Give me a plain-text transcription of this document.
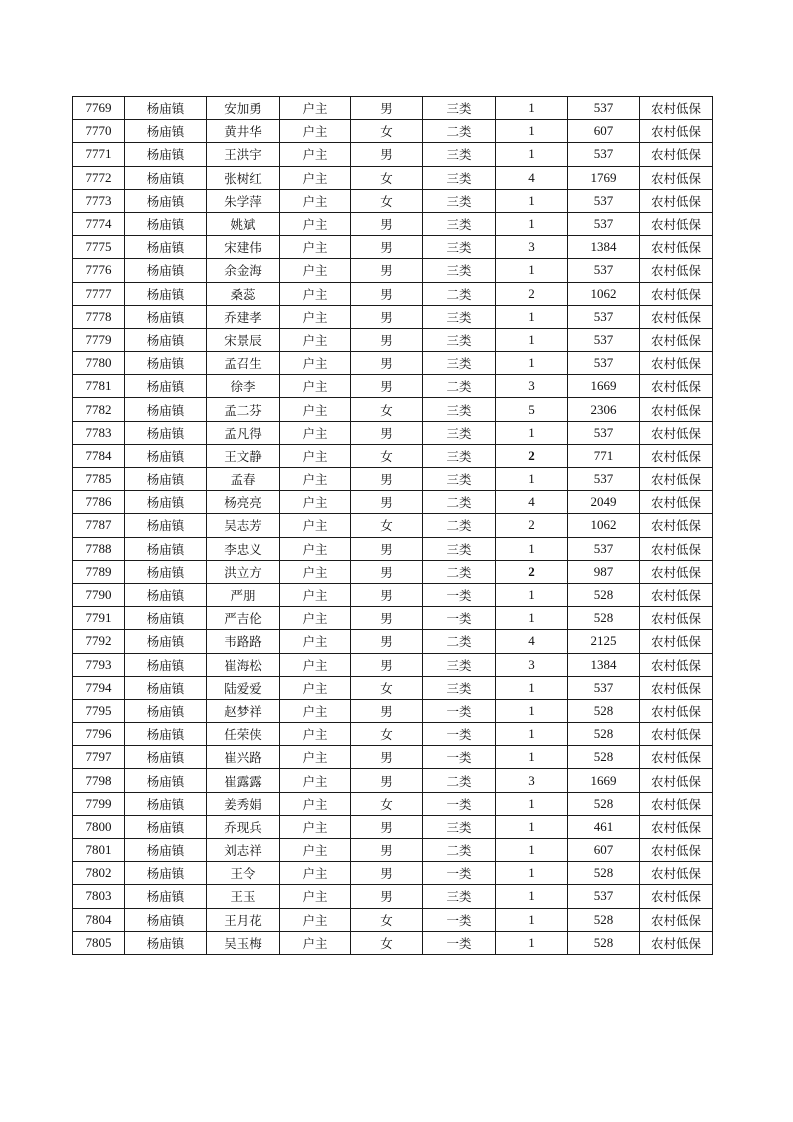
7769	杨庙镇	安加勇	户主	男	三类	1	537	农村低保
7770	杨庙镇	黄井华	户主	女	二类	1	607	农村低保
7771	杨庙镇	王洪宇	户主	男	三类	1	537	农村低保
7772	杨庙镇	张树红	户主	女	三类	4	1769	农村低保
7773	杨庙镇	朱学萍	户主	女	三类	1	537	农村低保
7774	杨庙镇	姚斌	户主	男	三类	1	537	农村低保
7775	杨庙镇	宋建伟	户主	男	三类	3	1384	农村低保
7776	杨庙镇	余金海	户主	男	三类	1	537	农村低保
7777	杨庙镇	桑蕊	户主	男	二类	2	1062	农村低保
7778	杨庙镇	乔建孝	户主	男	三类	1	537	农村低保
7779	杨庙镇	宋景辰	户主	男	三类	1	537	农村低保
7780	杨庙镇	孟召生	户主	男	三类	1	537	农村低保
7781	杨庙镇	徐李	户主	男	二类	3	1669	农村低保
7782	杨庙镇	孟二芬	户主	女	三类	5	2306	农村低保
7783	杨庙镇	孟凡得	户主	男	三类	1	537	农村低保
7784	杨庙镇	王文静	户主	女	三类	2	771	农村低保
7785	杨庙镇	孟春	户主	男	三类	1	537	农村低保
7786	杨庙镇	杨亮亮	户主	男	二类	4	2049	农村低保
7787	杨庙镇	吴志芳	户主	女	二类	2	1062	农村低保
7788	杨庙镇	李忠义	户主	男	三类	1	537	农村低保
7789	杨庙镇	洪立方	户主	男	二类	2	987	农村低保
7790	杨庙镇	严朋	户主	男	一类	1	528	农村低保
7791	杨庙镇	严吉伦	户主	男	一类	1	528	农村低保
7792	杨庙镇	韦路路	户主	男	二类	4	2125	农村低保
7793	杨庙镇	崔海松	户主	男	三类	3	1384	农村低保
7794	杨庙镇	陆爱爱	户主	女	三类	1	537	农村低保
7795	杨庙镇	赵梦祥	户主	男	一类	1	528	农村低保
7796	杨庙镇	任荣侠	户主	女	一类	1	528	农村低保
7797	杨庙镇	崔兴路	户主	男	一类	1	528	农村低保
7798	杨庙镇	崔露露	户主	男	二类	3	1669	农村低保
7799	杨庙镇	姜秀娟	户主	女	一类	1	528	农村低保
7800	杨庙镇	乔现兵	户主	男	三类	1	461	农村低保
7801	杨庙镇	刘志祥	户主	男	二类	1	607	农村低保
7802	杨庙镇	王令	户主	男	一类	1	528	农村低保
7803	杨庙镇	王玉	户主	男	三类	1	537	农村低保
7804	杨庙镇	王月花	户主	女	一类	1	528	农村低保
7805	杨庙镇	吴玉梅	户主	女	一类	1	528	农村低保
